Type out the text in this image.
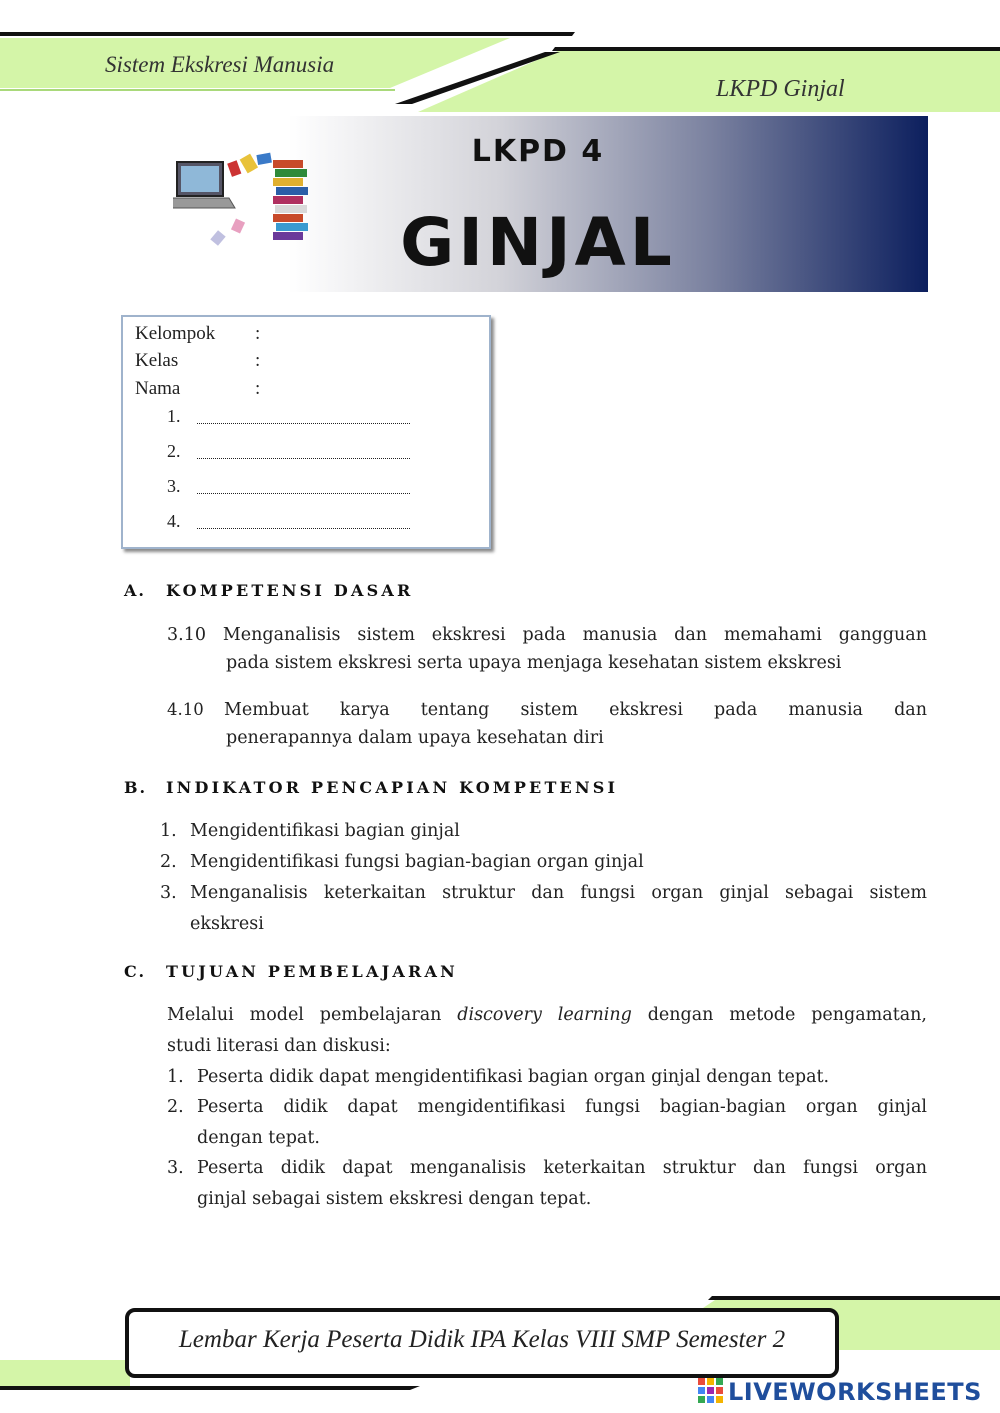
Sistem Ekskresi Manusia
LKPD Ginjal
LKPD 4
GINJAL
Kelompok :
Kelas	:
Nama	:
1.
2.
3.
4.
A. KOMPETENSI DASAR
3.10 Menganalisis sistem ekskresi pada manusia dan memahami gangguan
pada sistem ekskresi serta upaya menjaga kesehatan sistem ekskresi
4.10 Membuat karya tentang sistem ekskresi pada manusia dan
penerapannya dalam upaya kesehatan diri
B. INDIKATOR PENCAPIAN KOMPETENSI
1. Mengidentifikasi bagian ginjal
2. Mengidentifikasi fungsi bagian-bagian organ ginjal
3. Menganalisis keterkaitan struktur dan fungsi organ ginjal sebagai sistem
ekskresi
C. TUJUAN PEMBELAJARAN
Melalui model pembelajaran discovery learning dengan metode pengamatan,
studi literasi dan diskusi:
1. Peserta didik dapat mengidentifikasi bagian organ ginjal dengan tepat.
2. Peserta didik dapat mengidentifikasi fungsi bagian-bagian organ ginjal
dengan tepat.
3. Peserta didik dapat menganalisis keterkaitan struktur dan fungsi organ
ginjal sebagai sistem ekskresi dengan tepat.
Lembar Kerja Peserta Didik IPA Kelas VIII SMP Semester 2
LIVEWORKSHEETS
